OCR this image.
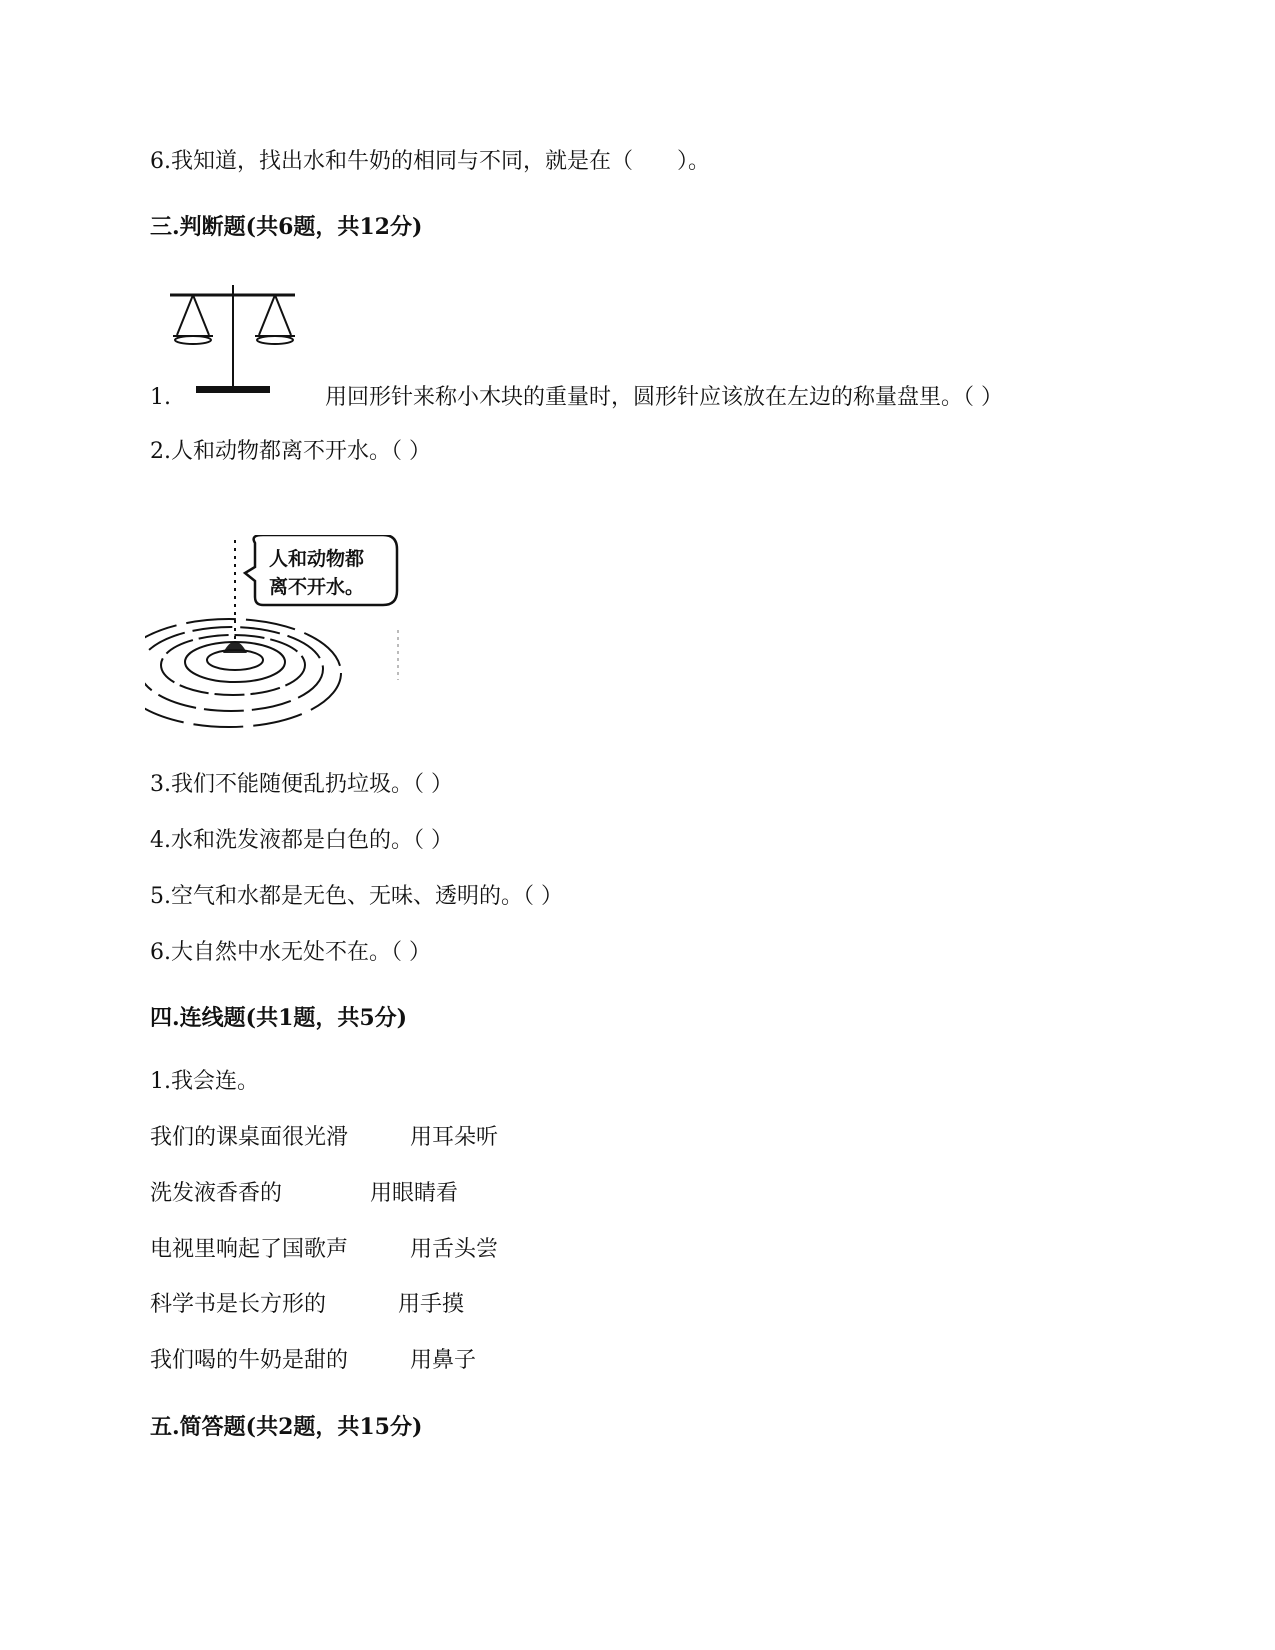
6.我知道，找出水和牛奶的相同与不同，就是在（　　）。
三.判断题(共6题，共12分)
1.	用回形针来称小木块的重量时，圆形针应该放在左边的称量盘里。（ ）
2.人和动物都离不开水。（ ）
人和动物都
离不开水。
3.我们不能随便乱扔垃圾。（ ）
4.水和洗发液都是白色的。（ ）
5.空气和水都是无色、无味、透明的。（ ）
6.大自然中水无处不在。（ ）
四.连线题(共1题，共5分)
1.我会连。
我们的课桌面很光滑	用耳朵听
洗发液香香的	用眼睛看
电视里响起了国歌声	用舌头尝
科学书是长方形的	用手摸
我们喝的牛奶是甜的	用鼻子
五.简答题(共2题，共15分)
